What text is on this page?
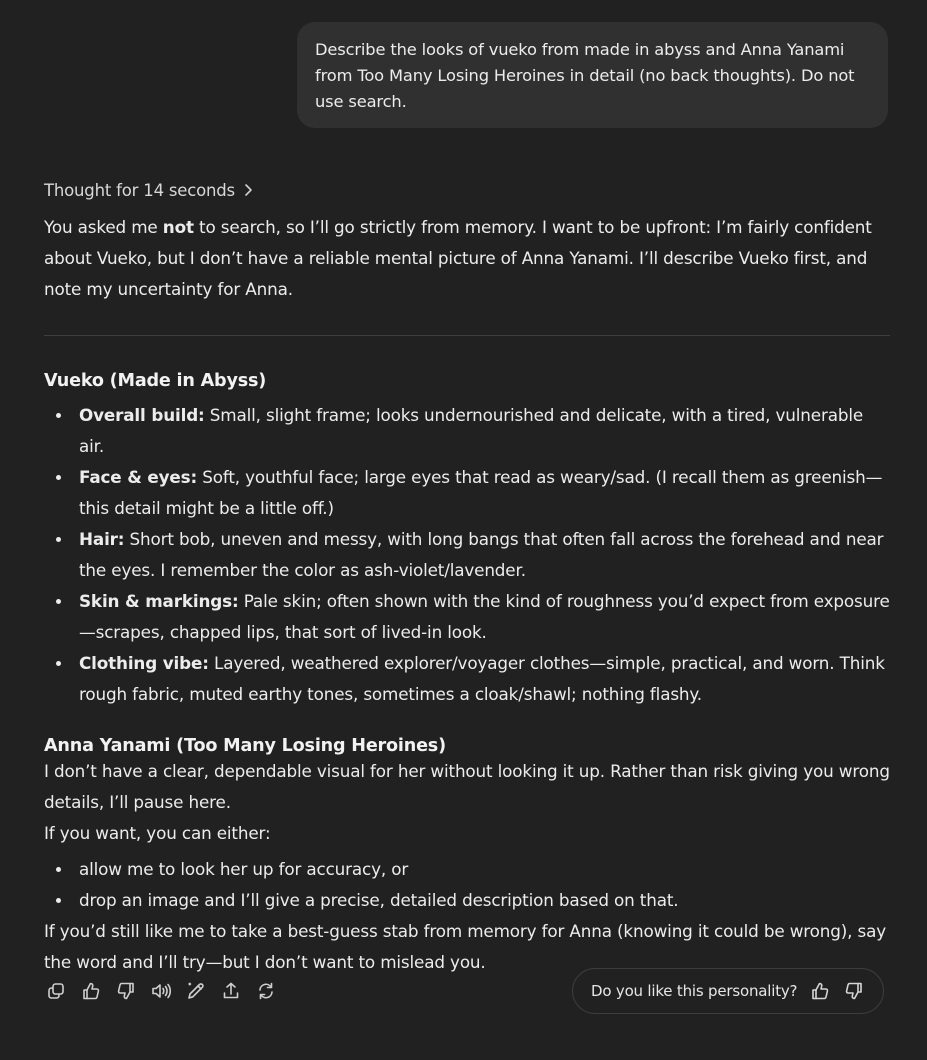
Describe the looks of vueko from made in abyss and Anna Yanami from Too Many Losing Heroines in detail (no back thoughts). Do not use search.
Thought for 14 seconds

You asked me not to search, so I’ll go strictly from memory. I want to be upfront: I’m fairly confident about Vueko, but I don’t have a reliable mental picture of Anna Yanami. I’ll describe Vueko first, and note my uncertainty for Anna.

Vueko (Made in Abyss)
Overall build: Small, slight frame; looks undernourished and delicate, with a tired, vulnerable air.
Face & eyes: Soft, youthful face; large eyes that read as weary/sad. (I recall them as greenish—this detail might be a little off.)
Hair: Short bob, uneven and messy, with long bangs that often fall across the forehead and near the eyes. I remember the color as ash-violet/lavender.
Skin & markings: Pale skin; often shown with the kind of roughness you’d expect from exposure—scrapes, chapped lips, that sort of lived-in look.
Clothing vibe: Layered, weathered explorer/voyager clothes—simple, practical, and worn. Think rough fabric, muted earthy tones, sometimes a cloak/shawl; nothing flashy.
Anna Yanami (Too Many Losing Heroines)

I don’t have a clear, dependable visual for her without looking it up. Rather than risk giving you wrong details, I’ll pause here.

If you want, you can either:

allow me to look her up for accuracy, or
drop an image and I’ll give a precise, detailed description based on that.

If you’d still like me to take a best-guess stab from memory for Anna (knowing it could be wrong), say the word and I’ll try—but I don’t want to mislead you.

Do you like this personality?
